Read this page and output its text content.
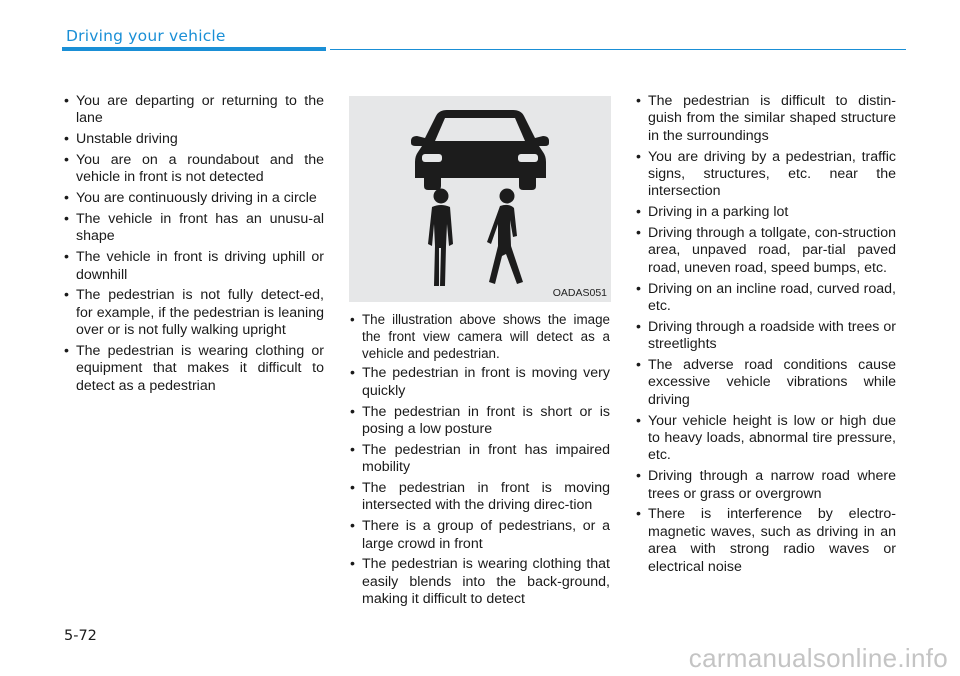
Driving your vehicle
• You are departing or returning to the lane
• Unstable driving
• You are on a roundabout and the vehicle in front is not detected
• You are continuously driving in a circle
• The vehicle in front has an unusu-al shape
• The vehicle in front is driving uphill or downhill
• The pedestrian is not fully detect-ed, for example, if the pedestrian is leaning over or is not fully walking upright
• The pedestrian is wearing clothing or equipment that makes it difficult to detect as a pedestrian
OADAS051
• The illustration above shows the image the front view camera will detect as a vehicle and pedestrian.
• The pedestrian in front is moving very quickly
• The pedestrian in front is short or is posing a low posture
• The pedestrian in front has impaired mobility
• The pedestrian in front is moving intersected with the driving direc-tion
• There is a group of pedestrians, or a large crowd in front
• The pedestrian is wearing clothing that easily blends into the back-ground, making it difficult to detect
• The pedestrian is difficult to distin-guish from the similar shaped structure in the surroundings
• You are driving by a pedestrian, traffic signs, structures, etc. near the intersection
• Driving in a parking lot
• Driving through a tollgate, con-struction area, unpaved road, par-tial paved road, uneven road, speed bumps, etc.
• Driving on an incline road, curved road, etc.
• Driving through a roadside with trees or streetlights
• The adverse road conditions cause excessive vehicle vibrations while driving
• Your vehicle height is low or high due to heavy loads, abnormal tire pressure, etc.
• Driving through a narrow road where trees or grass or overgrown
• There is interference by electro-magnetic waves, such as driving in an area with strong radio waves or electrical noise
5-72
carmanualsonline.info
